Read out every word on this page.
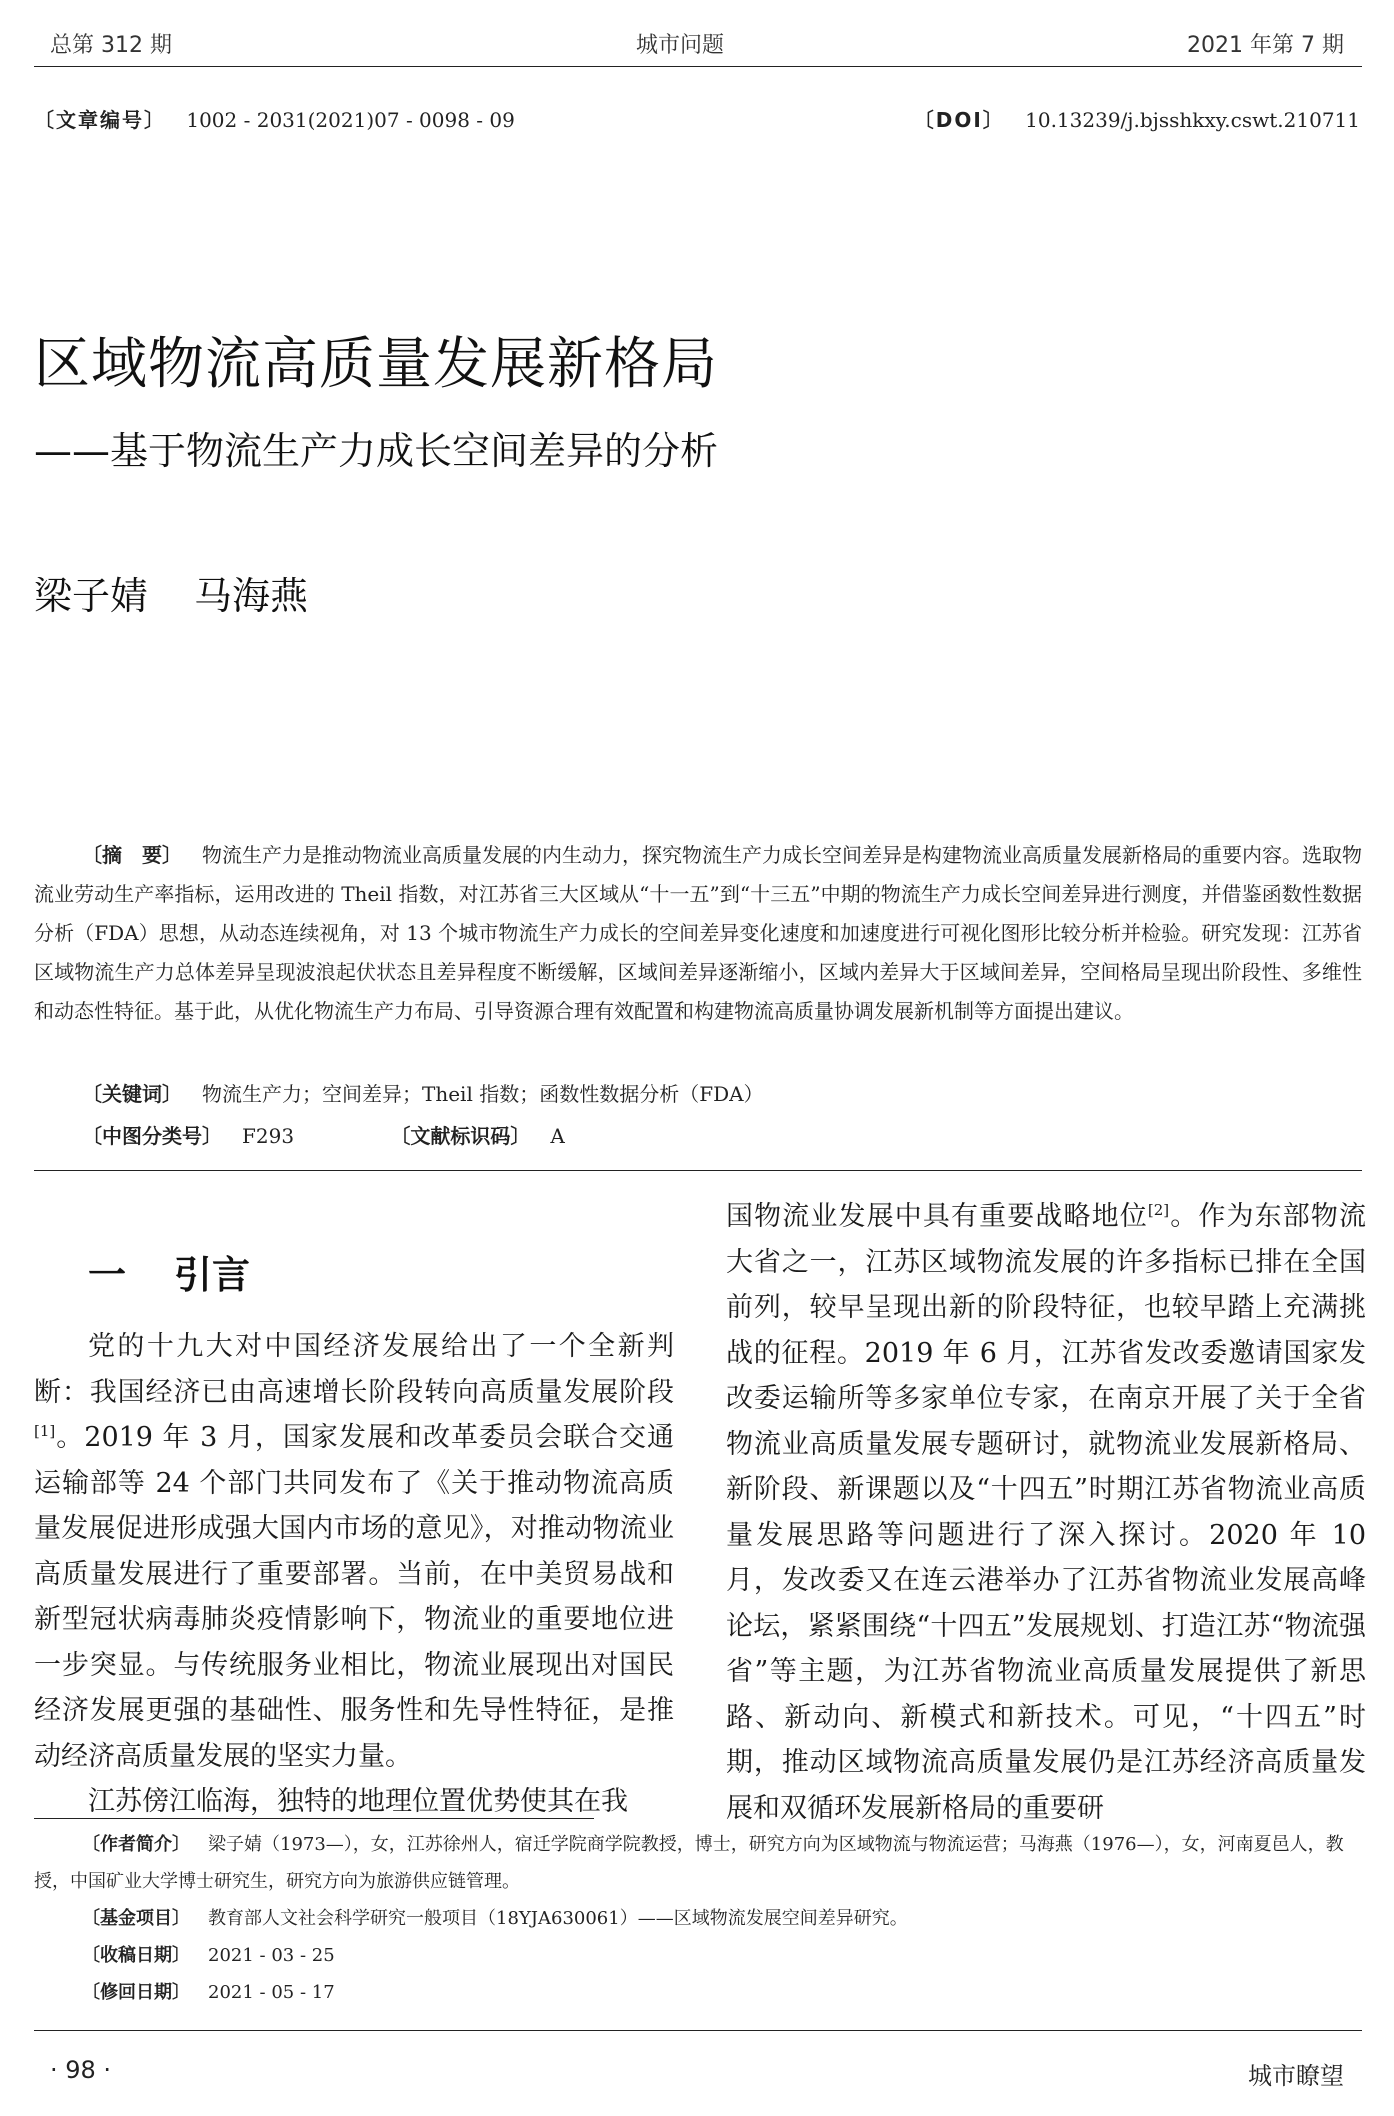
总第 312 期	城市问题	2021 年第 7 期
〔文章编号〕 1002 - 2031(2021)07 - 0098 - 09	〔DOI〕 10.13239/j.bjsshkxy.cswt.210711
区域物流高质量发展新格局
——基于物流生产力成长空间差异的分析
梁子婧 马海燕
〔摘　要〕 物流生产力是推动物流业高质量发展的内生动力，探究物流生产力成长空间差异是构建物流业高质量发展新格局的重要内容。选取物流业劳动生产率指标，运用改进的 Theil 指数，对江苏省三大区域从“十一五”到“十三五”中期的物流生产力成长空间差异进行测度，并借鉴函数性数据分析（FDA）思想，从动态连续视角，对 13 个城市物流生产力成长的空间差异变化速度和加速度进行可视化图形比较分析并检验。研究发现：江苏省区域物流生产力总体差异呈现波浪起伏状态且差异程度不断缓解，区域间差异逐渐缩小，区域内差异大于区域间差异，空间格局呈现出阶段性、多维性和动态性特征。基于此，从优化物流生产力布局、引导资源合理有效配置和构建物流高质量协调发展新机制等方面提出建议。
〔关键词〕 物流生产力；空间差异；Theil 指数；函数性数据分析（FDA）
〔中图分类号〕 F293	〔文献标识码〕 A
一 引言

党的十九大对中国经济发展给出了一个全新判断：我国经济已由高速增长阶段转向高质量发展阶段[1]。2019 年 3 月，国家发展和改革委员会联合交通运输部等 24 个部门共同发布了《关于推动物流高质量发展促进形成强大国内市场的意见》，对推动物流业高质量发展进行了重要部署。当前，在中美贸易战和新型冠状病毒肺炎疫情影响下，物流业的重要地位进一步突显。与传统服务业相比，物流业展现出对国民经济发展更强的基础性、服务性和先导性特征，是推动经济高质量发展的坚实力量。

江苏傍江临海，独特的地理位置优势使其在我

国物流业发展中具有重要战略地位[2]。作为东部物流大省之一，江苏区域物流发展的许多指标已排在全国前列，较早呈现出新的阶段特征，也较早踏上充满挑战的征程。2019 年 6 月，江苏省发改委邀请国家发改委运输所等多家单位专家，在南京开展了关于全省物流业高质量发展专题研讨，就物流业发展新格局、新阶段、新课题以及“十四五”时期江苏省物流业高质量发展思路等问题进行了深入探讨。2020 年 10 月，发改委又在连云港举办了江苏省物流业发展高峰论坛，紧紧围绕“十四五”发展规划、打造江苏“物流强省”等主题，为江苏省物流业高质量发展提供了新思路、新动向、新模式和新技术。可见，“十四五”时期，推动区域物流高质量发展仍是江苏经济高质量发展和双循环发展新格局的重要研

〔作者简介〕 梁子婧（1973—），女，江苏徐州人，宿迁学院商学院教授，博士，研究方向为区域物流与物流运营；马海燕（1976—），女，河南夏邑人，教授，中国矿业大学博士研究生，研究方向为旅游供应链管理。
〔基金项目〕 教育部人文社会科学研究一般项目（18YJA630061）——区域物流发展空间差异研究。
〔收稿日期〕 2021 - 03 - 25
〔修回日期〕 2021 - 05 - 17
· 98 ·	城市瞭望
